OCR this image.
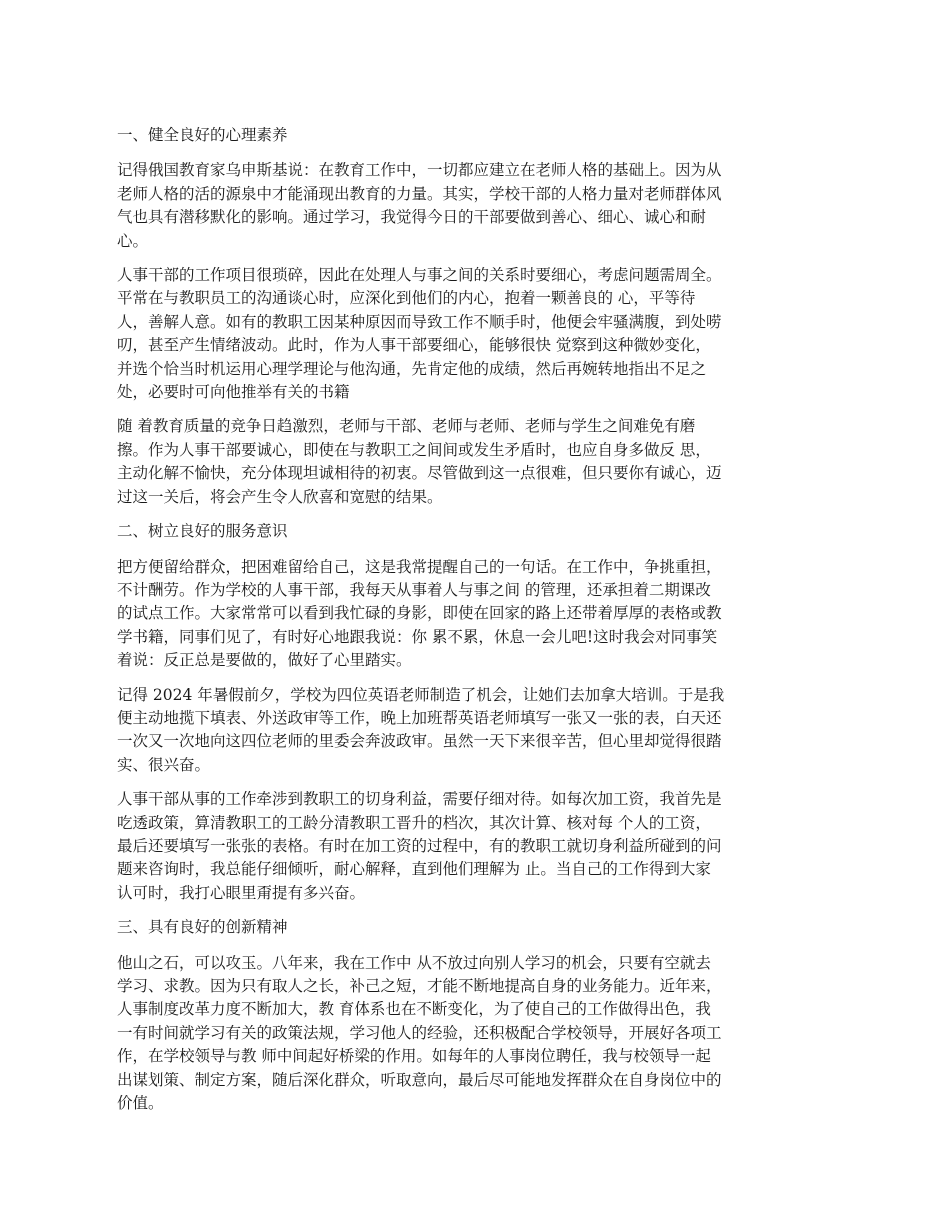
一、健全良好的心理素养
记得俄国教育家乌申斯基说：在教育工作中，一切都应建立在老师人格的基础上。因为从
老师人格的活的源泉中才能涌现出教育的力量。其实，学校干部的人格力量对老师群体风
气也具有潜移默化的影响。通过学习，我觉得今日的干部要做到善心、细心、诚心和耐
心。
人事干部的工作项目很琐碎，因此在处理人与事之间的关系时要细心，考虑问题需周全。
平常在与教职员工的沟通谈心时，应深化到他们的内心，抱着一颗善良的 心，平等待
人，善解人意。如有的教职工因某种原因而导致工作不顺手时，他便会牢骚满腹，到处唠
叨，甚至产生情绪波动。此时，作为人事干部要细心，能够很快 觉察到这种微妙变化，
并选个恰当时机运用心理学理论与他沟通，先肯定他的成绩，然后再婉转地指出不足之
处，必要时可向他推举有关的书籍
随 着教育质量的竞争日趋激烈，老师与干部、老师与老师、老师与学生之间难免有磨
擦。作为人事干部要诚心，即使在与教职工之间间或发生矛盾时，也应自身多做反 思，
主动化解不愉快，充分体现坦诚相待的初衷。尽管做到这一点很难，但只要你有诚心，迈
过这一关后，将会产生令人欣喜和宽慰的结果。
二、树立良好的服务意识
把方便留给群众，把困难留给自己，这是我常提醒自己的一句话。在工作中，争挑重担，
不计酬劳。作为学校的人事干部，我每天从事着人与事之间 的管理，还承担着二期课改
的试点工作。大家常常可以看到我忙碌的身影，即使在回家的路上还带着厚厚的表格或教
学书籍，同事们见了，有时好心地跟我说：你 累不累，休息一会儿吧!这时我会对同事笑
着说：反正总是要做的，做好了心里踏实。
记得 2024 年暑假前夕，学校为四位英语老师制造了机会，让她们去加拿大培训。于是我
便主动地揽下填表、外送政审等工作，晚上加班帮英语老师填写一张又一张的表，白天还
一次又一次地向这四位老师的里委会奔波政审。虽然一天下来很辛苦，但心里却觉得很踏
实、很兴奋。
人事干部从事的工作牵涉到教职工的切身利益，需要仔细对待。如每次加工资，我首先是
吃透政策，算清教职工的工龄分清教职工晋升的档次，其次计算、核对每 个人的工资，
最后还要填写一张张的表格。有时在加工资的过程中，有的教职工就切身利益所碰到的问
题来咨询时，我总能仔细倾听，耐心解释，直到他们理解为 止。当自己的工作得到大家
认可时，我打心眼里甭提有多兴奋。
三、具有良好的创新精神
他山之石，可以攻玉。八年来，我在工作中 从不放过向别人学习的机会，只要有空就去
学习、求教。因为只有取人之长，补己之短，才能不断地提高自身的业务能力。近年来，
人事制度改革力度不断加大，教 育体系也在不断变化，为了使自己的工作做得出色，我
一有时间就学习有关的政策法规，学习他人的经验，还积极配合学校领导，开展好各项工
作，在学校领导与教 师中间起好桥梁的作用。如每年的人事岗位聘任，我与校领导一起
出谋划策、制定方案，随后深化群众，听取意向，最后尽可能地发挥群众在自身岗位中的
价值。
